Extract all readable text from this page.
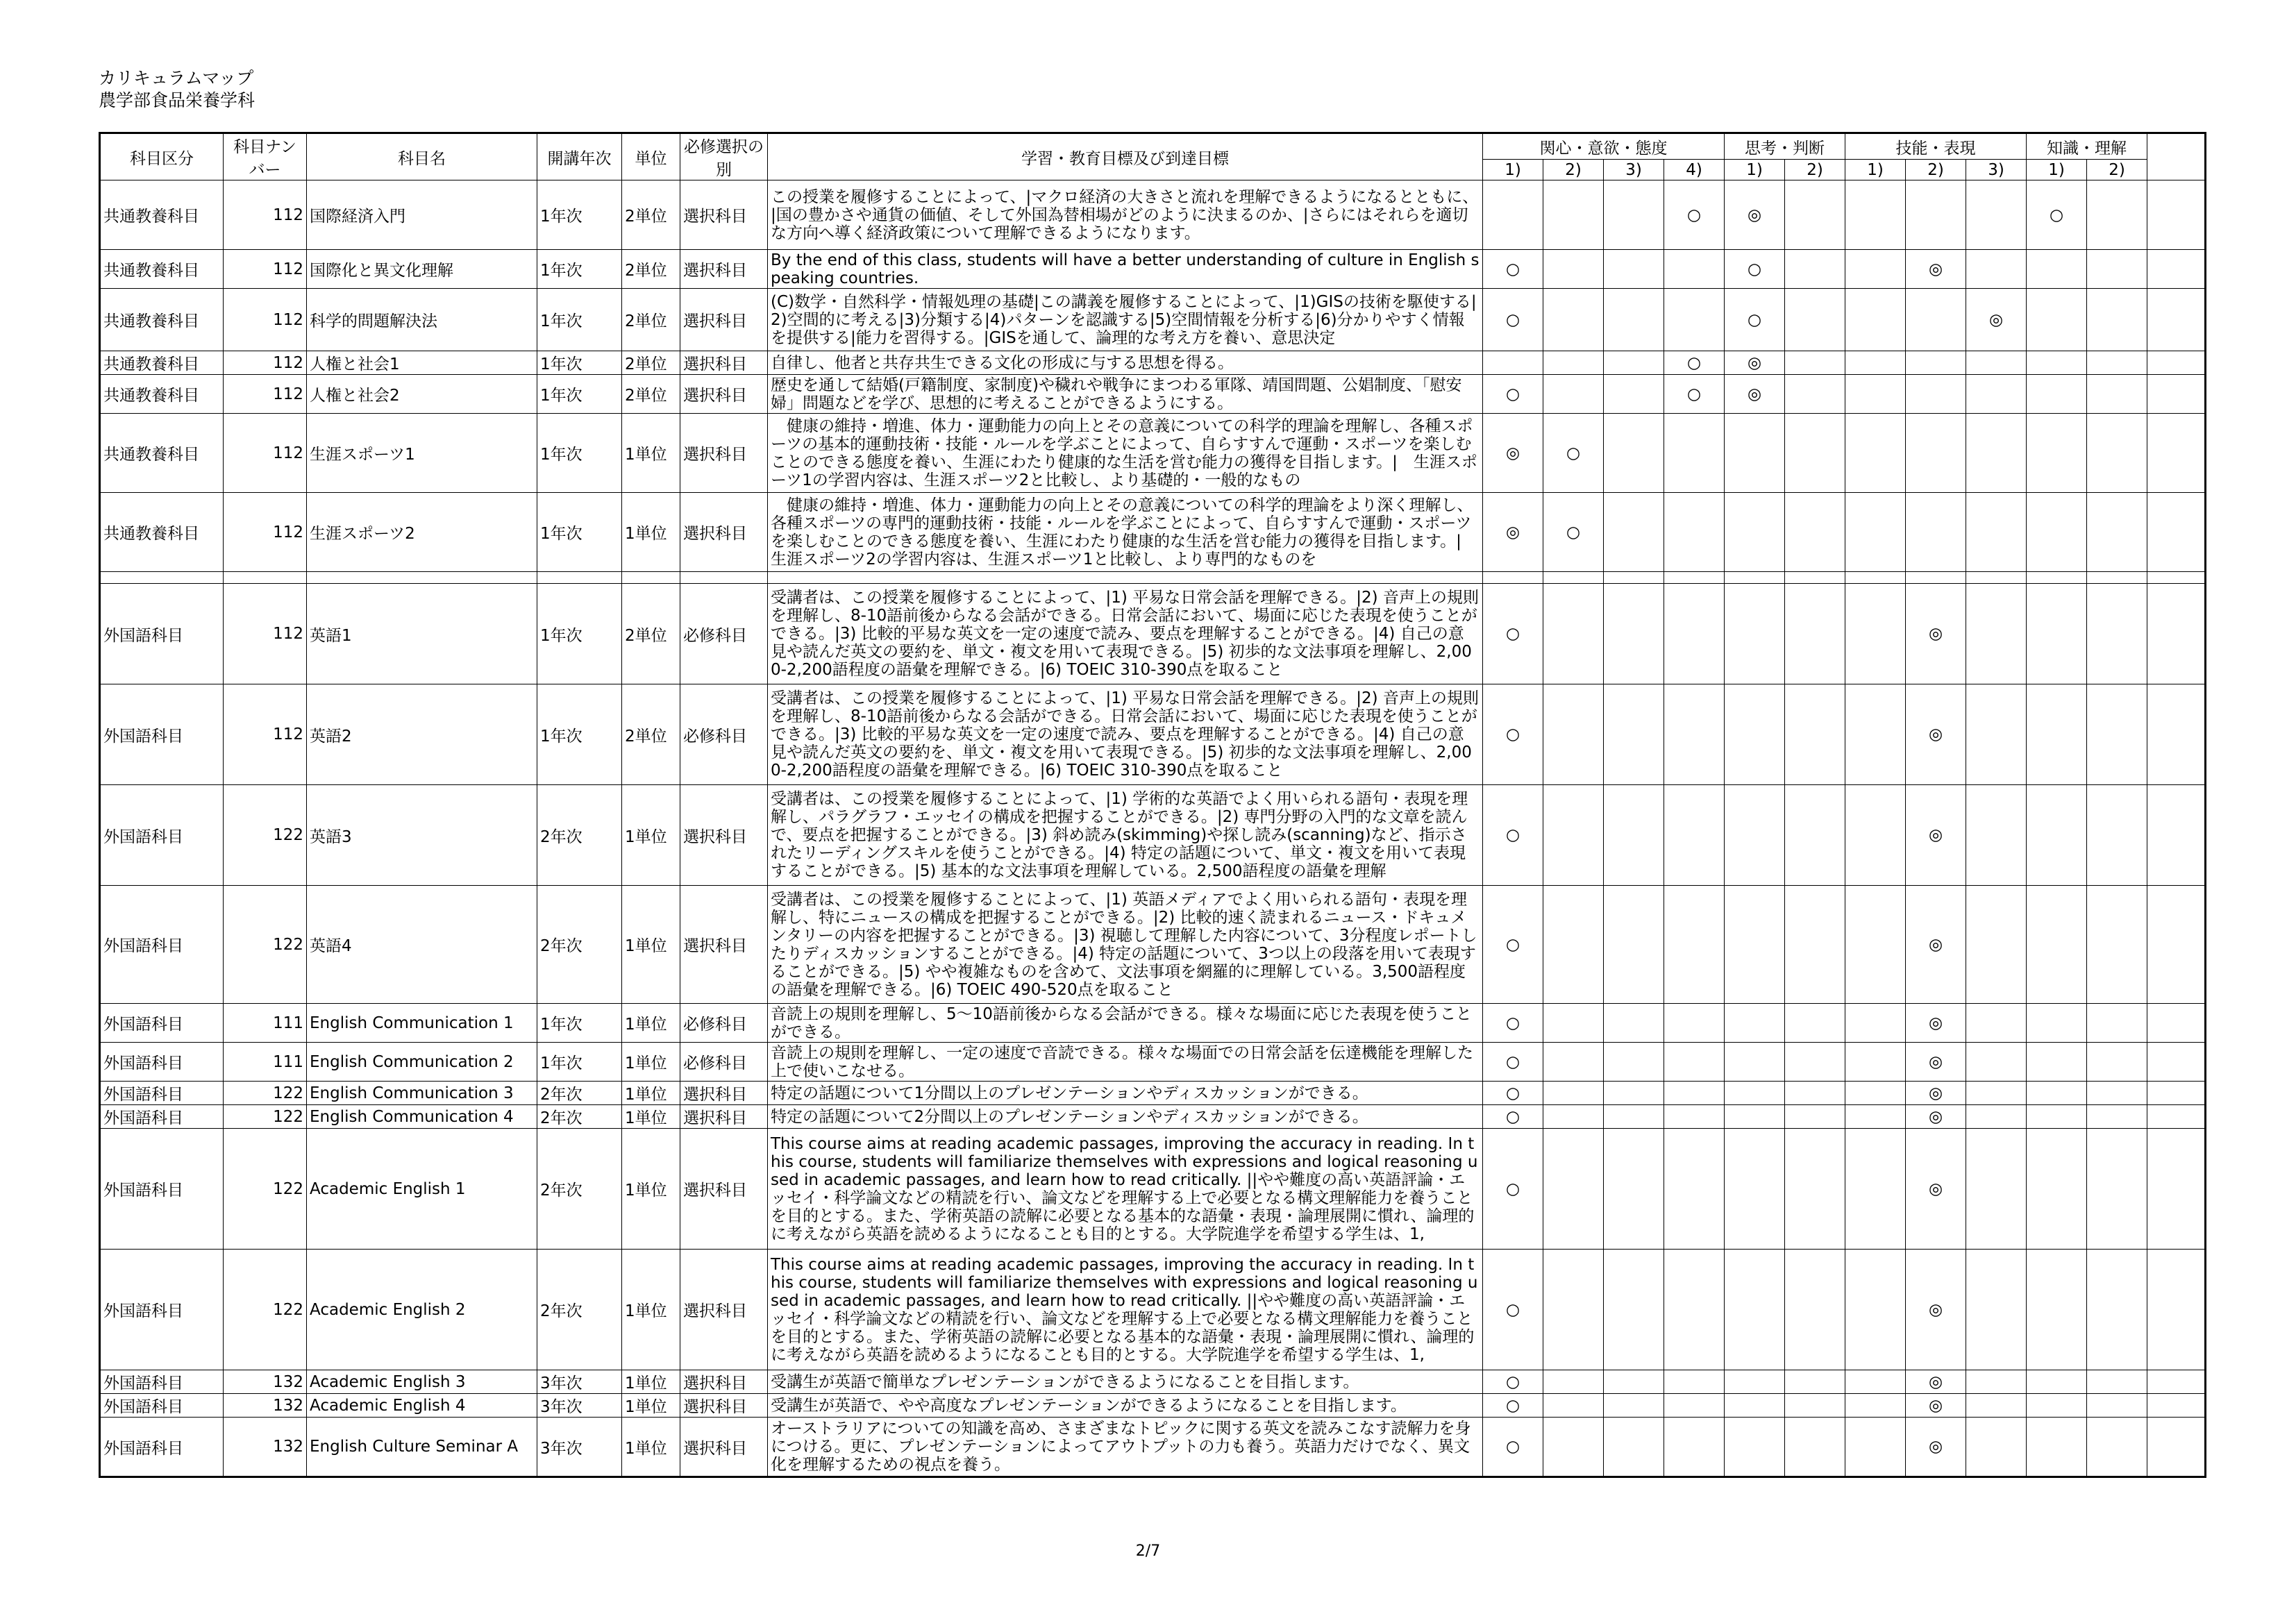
カリキュラムマップ
農学部食品栄養学科
科目区分	科目ナンバー	科目名	開講年次	単位	必修選択の別	学習・教育目標及び到達目標	関心・意欲・態度				思考・判断		技能・表現			知識・理解		
							1)	2)	3)	4)	1)	2)	1)	2)	3)	1)	2)	
共通教養科目	112	国際経済入門	1年次	2単位	選択科目	この授業を履修することによって、|マクロ経済の大きさと流れを理解できるようになるとともに、|国の豊かさや通貨の価値、そして外国為替相場がどのように決まるのか、|さらにはそれらを適切な方向へ導く経済政策について理解できるようになります。				○	◎					○		
共通教養科目	112	国際化と異文化理解	1年次	2単位	選択科目	By the end of this class, students will have a better understanding of culture in English speaking countries.	○				○			◎				
共通教養科目	112	科学的問題解決法	1年次	2単位	選択科目	(C)数学・自然科学・情報処理の基礎|この講義を履修することによって、|1)GISの技術を駆使する|2)空間的に考える|3)分類する|4)パターンを認識する|5)空間情報を分析する|6)分かりやすく情報を提供する|能力を習得する。|GISを通して、論理的な考え方を養い、意思決定	○				○				◎			
共通教養科目	112	人権と社会1	1年次	2単位	選択科目	自律し、他者と共存共生できる文化の形成に与する思想を得る。				○	◎							
共通教養科目	112	人権と社会2	1年次	2単位	選択科目	歴史を通して結婚(戸籍制度、家制度)や穢れや戦争にまつわる軍隊、靖国問題、公娼制度、「慰安婦」問題などを学び、思想的に考えることができるようにする。	○			○	◎							
共通教養科目	112	生涯スポーツ1	1年次	1単位	選択科目	　健康の維持・増進、体力・運動能力の向上とその意義についての科学的理論を理解し、各種スポーツの基本的運動技術・技能・ルールを学ぶことによって、自らすすんで運動・スポーツを楽しむことのできる態度を養い、生涯にわたり健康的な生活を営む能力の獲得を目指します。|　生涯スポーツ1の学習内容は、生涯スポーツ2と比較し、より基礎的・一般的なもの	◎	○										
共通教養科目	112	生涯スポーツ2	1年次	1単位	選択科目	　健康の維持・増進、体力・運動能力の向上とその意義についての科学的理論をより深く理解し、各種スポーツの専門的運動技術・技能・ルールを学ぶことによって、自らすすんで運動・スポーツを楽しむことのできる態度を養い、生涯にわたり健康的な生活を営む能力の獲得を目指します。|　生涯スポーツ2の学習内容は、生涯スポーツ1と比較し、より専門的なものを	◎	○										

外国語科目	112	英語1	1年次	2単位	必修科目	受講者は、この授業を履修することによって、|1) 平易な日常会話を理解できる。|2) 音声上の規則を理解し、8-10語前後からなる会話ができる。日常会話において、場面に応じた表現を使うことができる。|3) 比較的平易な英文を一定の速度で読み、要点を理解することができる。|4) 自己の意見や読んだ英文の要約を、単文・複文を用いて表現できる。|5) 初歩的な文法事項を理解し、2,000-2,200語程度の語彙を理解できる。|6) TOEIC 310-390点を取ること	○							◎				
外国語科目	112	英語2	1年次	2単位	必修科目	受講者は、この授業を履修することによって、|1) 平易な日常会話を理解できる。|2) 音声上の規則を理解し、8-10語前後からなる会話ができる。日常会話において、場面に応じた表現を使うことができる。|3) 比較的平易な英文を一定の速度で読み、要点を理解することができる。|4) 自己の意見や読んだ英文の要約を、単文・複文を用いて表現できる。|5) 初歩的な文法事項を理解し、2,000-2,200語程度の語彙を理解できる。|6) TOEIC 310-390点を取ること	○							◎				
外国語科目	122	英語3	2年次	1単位	選択科目	受講者は、この授業を履修することによって、|1) 学術的な英語でよく用いられる語句・表現を理解し、パラグラフ・エッセイの構成を把握することができる。|2) 専門分野の入門的な文章を読んで、要点を把握することができる。|3) 斜め読み(skimming)や探し読み(scanning)など、指示されたリーディングスキルを使うことができる。|4) 特定の話題について、単文・複文を用いて表現することができる。|5) 基本的な文法事項を理解している。2,500語程度の語彙を理解	○							◎				
外国語科目	122	英語4	2年次	1単位	選択科目	受講者は、この授業を履修することによって、|1) 英語メディアでよく用いられる語句・表現を理解し、特にニュースの構成を把握することができる。|2) 比較的速く読まれるニュース・ドキュメンタリーの内容を把握することができる。|3) 視聴して理解した内容について、3分程度レポートしたりディスカッションすることができる。|4) 特定の話題について、3つ以上の段落を用いて表現することができる。|5) やや複雑なものを含めて、文法事項を網羅的に理解している。3,500語程度の語彙を理解できる。|6) TOEIC 490-520点を取ること	○							◎				
外国語科目	111	English Communication 1	1年次	1単位	必修科目	音読上の規則を理解し、5～10語前後からなる会話ができる。様々な場面に応じた表現を使うことができる。	○							◎				
外国語科目	111	English Communication 2	1年次	1単位	必修科目	音読上の規則を理解し、一定の速度で音読できる。様々な場面での日常会話を伝達機能を理解した上で使いこなせる。	○							◎				
外国語科目	122	English Communication 3	2年次	1単位	選択科目	特定の話題について1分間以上のプレゼンテーションやディスカッションができる。	○							◎				
外国語科目	122	English Communication 4	2年次	1単位	選択科目	特定の話題について2分間以上のプレゼンテーションやディスカッションができる。	○							◎				
外国語科目	122	Academic English 1	2年次	1単位	選択科目	This course aims at reading academic passages, improving the accuracy in reading. In this course, students will familiarize themselves with expressions and logical reasoning used in academic passages, and learn how to read critically. ||やや難度の高い英語評論・エッセイ・科学論文などの精読を行い、論文などを理解する上で必要となる構文理解能力を養うことを目的とする。また、学術英語の読解に必要となる基本的な語彙・表現・論理展開に慣れ、論理的に考えながら英語を読めるようになることも目的とする。大学院進学を希望する学生は、1,	○							◎				
外国語科目	122	Academic English 2	2年次	1単位	選択科目	This course aims at reading academic passages, improving the accuracy in reading. In this course, students will familiarize themselves with expressions and logical reasoning used in academic passages, and learn how to read critically. ||やや難度の高い英語評論・エッセイ・科学論文などの精読を行い、論文などを理解する上で必要となる構文理解能力を養うことを目的とする。また、学術英語の読解に必要となる基本的な語彙・表現・論理展開に慣れ、論理的に考えながら英語を読めるようになることも目的とする。大学院進学を希望する学生は、1,	○							◎				
外国語科目	132	Academic English 3	3年次	1単位	選択科目	受講生が英語で簡単なプレゼンテーションができるようになることを目指します。	○							◎				
外国語科目	132	Academic English 4	3年次	1単位	選択科目	受講生が英語で、やや高度なプレゼンテーションができるようになることを目指します。	○							◎				
外国語科目	132	English Culture Seminar A	3年次	1単位	選択科目	オーストラリアについての知識を高め、さまざまなトピックに関する英文を読みこなす読解力を身につける。更に、プレゼンテーションによってアウトプットの力も養う。英語力だけでなく、異文化を理解するための視点を養う。	○							◎				
2/7
